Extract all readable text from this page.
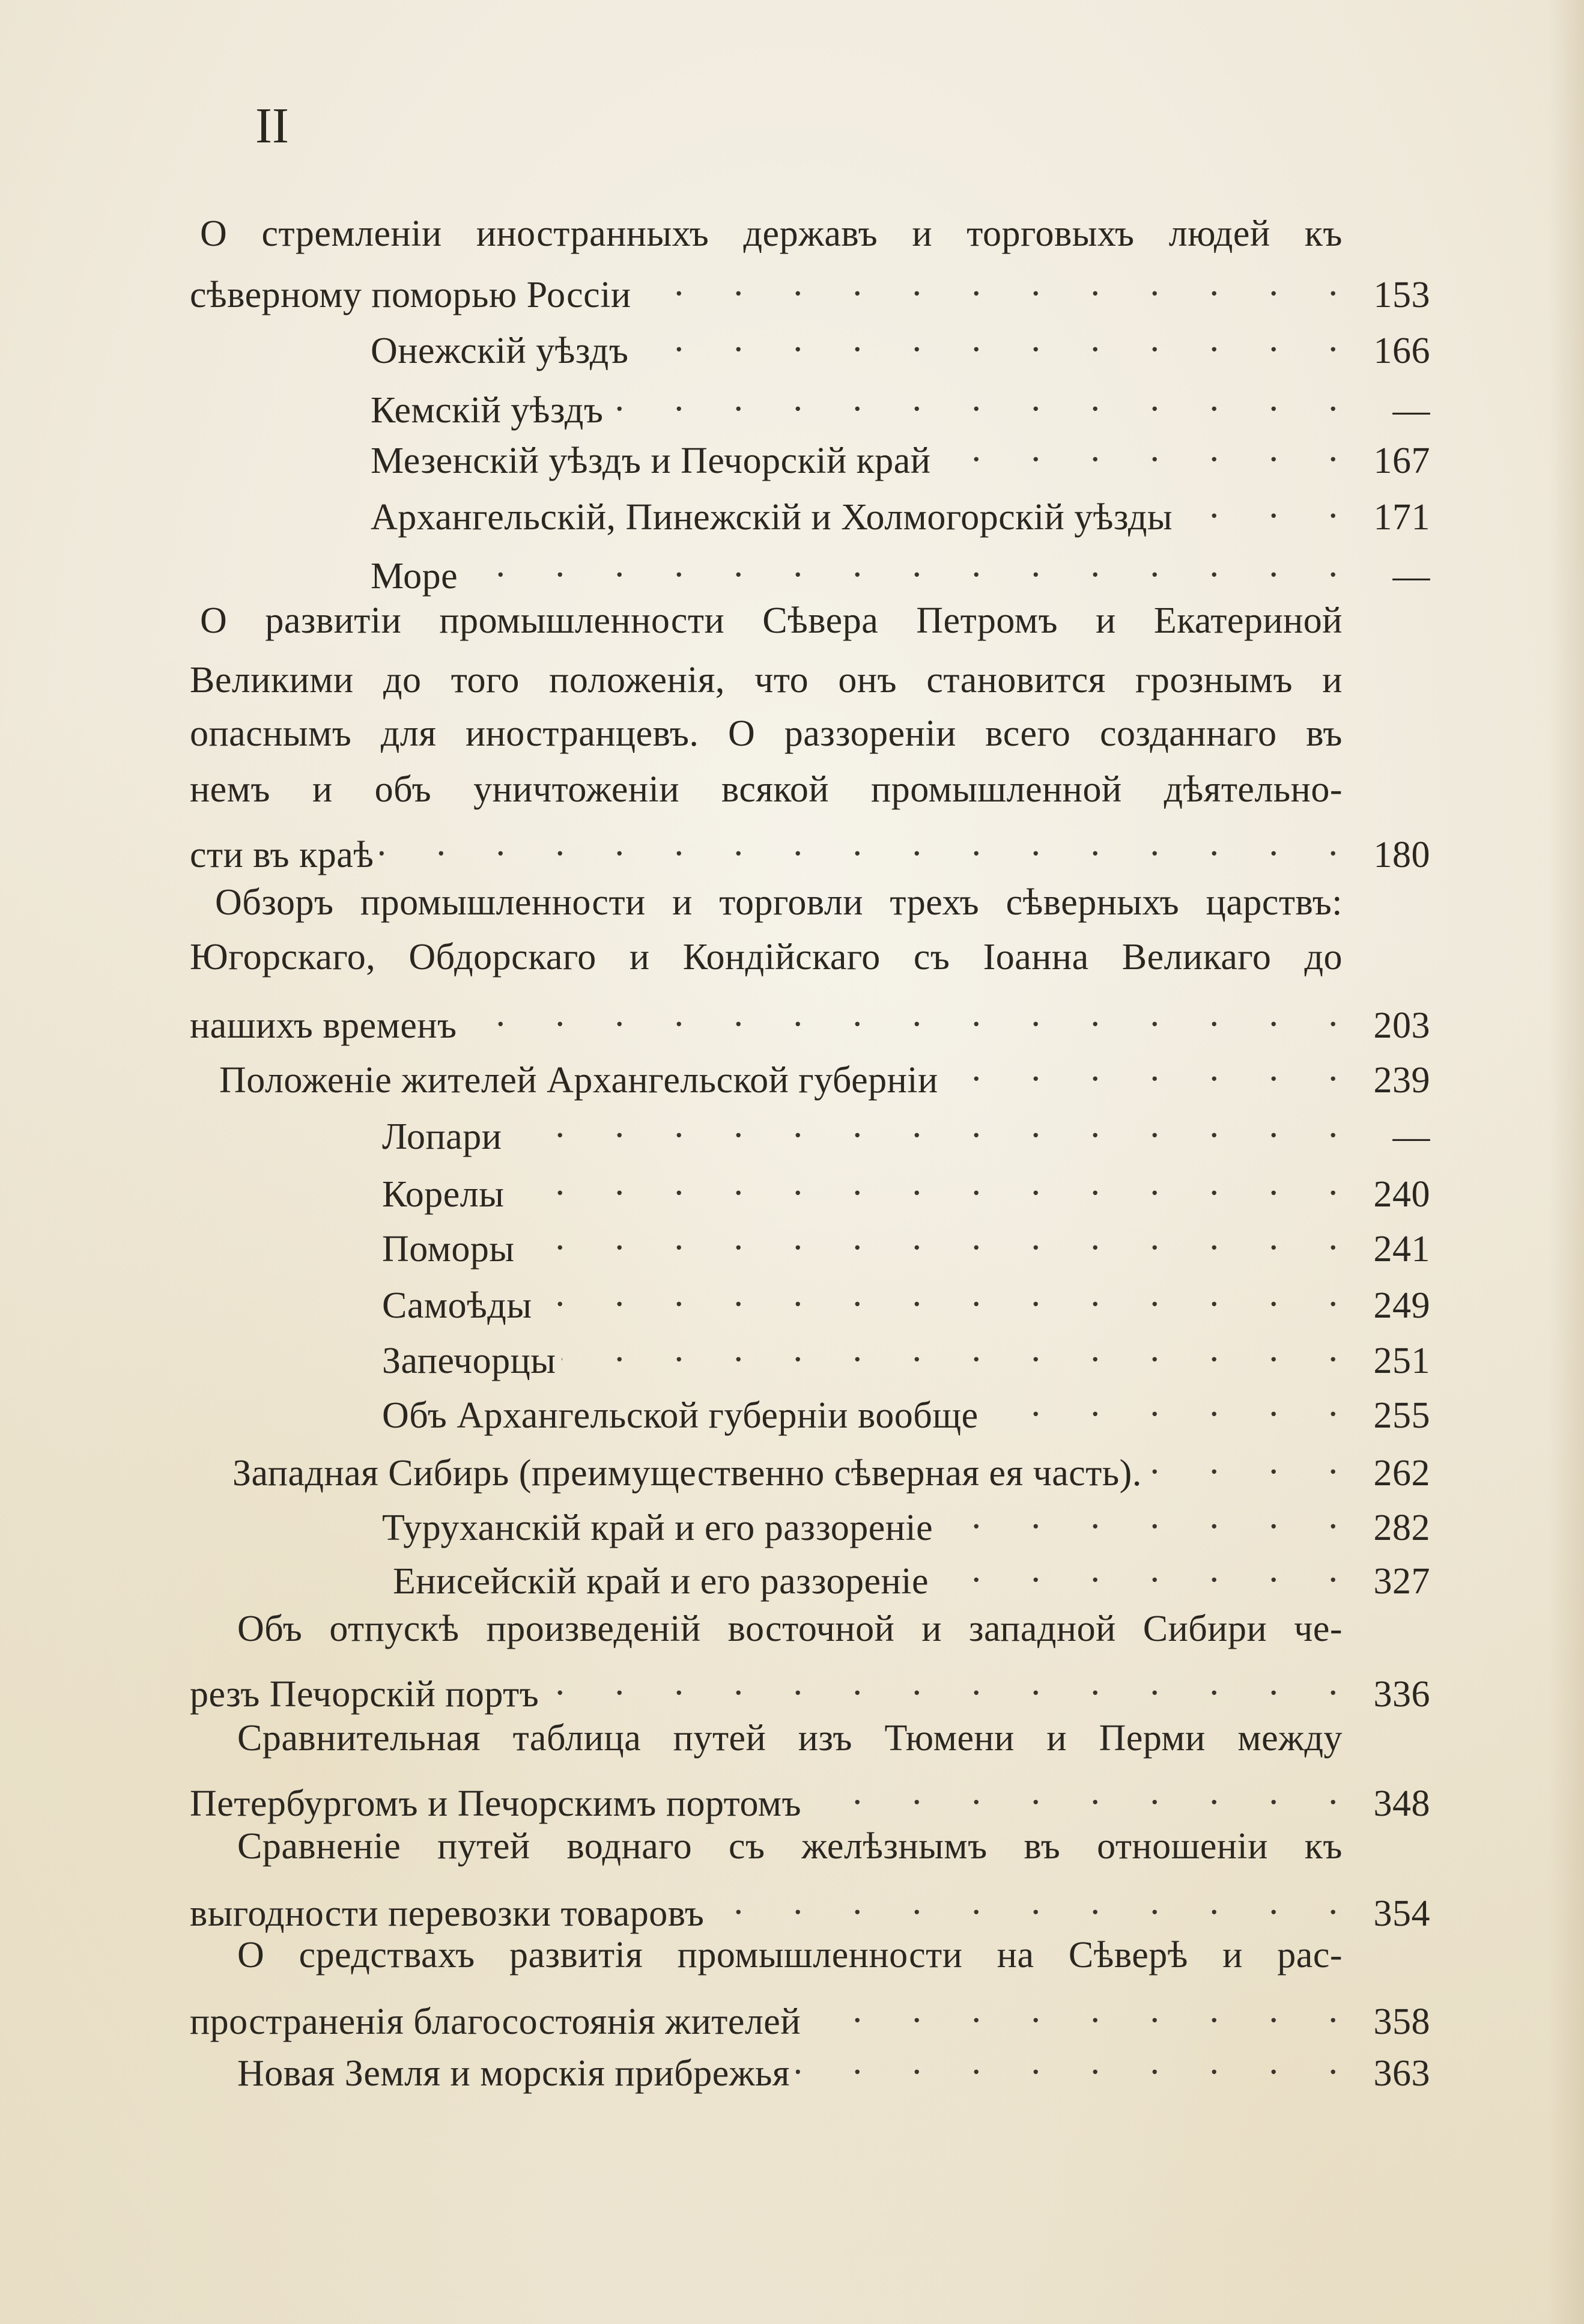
II
О стремленіи иностранныхъ державъ и торговыхъ людей къ
сѣверному поморью Россіи . . .	153
Онежскій уѣздъ . . .	166
Кемскій уѣздъ . . .	—
Мезенскій уѣздъ и Печорскій край . . .	167
Архангельскій, Пинежскій и Холмогорскій уѣзды . . .	171
Море . . .	—
О развитіи промышленности Сѣвера Петромъ и Екатериной
Великими до того положенія, что онъ становится грознымъ и
опаснымъ для иностранцевъ. О раззореніи всего созданнаго въ
немъ и объ уничтоженіи всякой промышленной дѣятельно-
сти въ краѣ . . .	180
Обзоръ промышленности и торговли трехъ сѣверныхъ царствъ:
Югорскаго, Обдорскаго и Кондійскаго съ Іоанна Великаго до
нашихъ временъ . . .	203
Положеніе жителей Архангельской губерніи . . .	239
Лопари . . .	—
Корелы . . .	240
Поморы . . .	241
Самоѣды . . .	249
Запечорцы . . .	251
Объ Архангельской губерніи вообще . . .	255
Западная Сибирь (преимущественно сѣверная ея часть). . . .	262
Туруханскій край и его раззореніе . . .	282
Енисейскій край и его раззореніе . . .	327
Объ отпускѣ произведеній восточной и западной Сибири че-
резъ Печорскій портъ . . .	336
Сравнительная таблица путей изъ Тюмени и Перми между
Петербургомъ и Печорскимъ портомъ . . .	348
Сравненіе путей воднаго съ желѣзнымъ въ отношеніи къ
выгодности перевозки товаровъ . . .	354
О средствахъ развитія промышленности на Сѣверѣ и рас-
пространенія благосостоянія жителей . . .	358
Новая Земля и морскія прибрежья . . .	363
